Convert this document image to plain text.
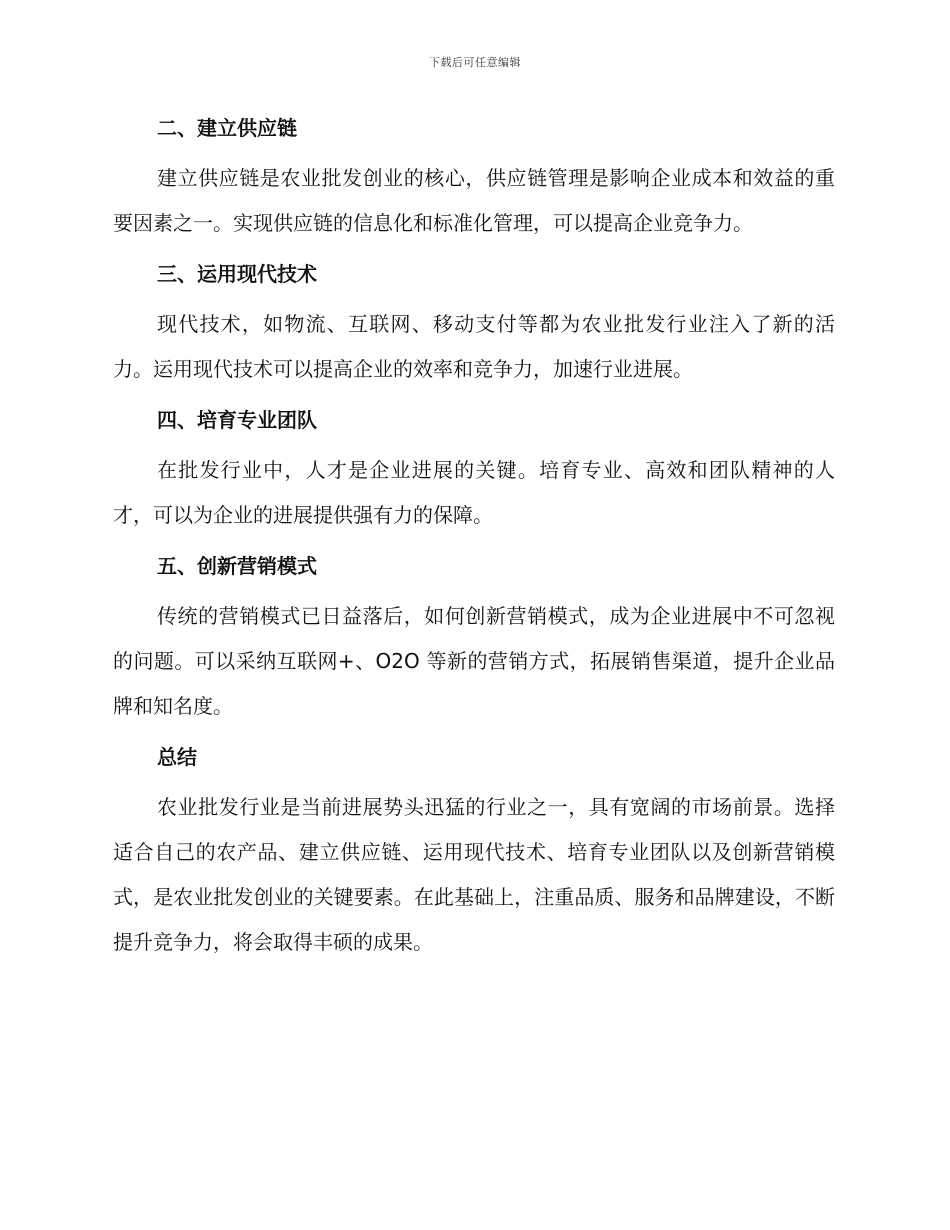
下载后可任意编辑
二、建立供应链

建立供应链是农业批发创业的核心，供应链管理是影响企业成本和效益的重要因素之一。实现供应链的信息化和标准化管理，可以提高企业竞争力。

三、运用现代技术

现代技术，如物流、互联网、移动支付等都为农业批发行业注入了新的活力。运用现代技术可以提高企业的效率和竞争力，加速行业进展。

四、培育专业团队

在批发行业中，人才是企业进展的关键。培育专业、高效和团队精神的人才，可以为企业的进展提供强有力的保障。

五、创新营销模式

传统的营销模式已日益落后，如何创新营销模式，成为企业进展中不可忽视的问题。可以采纳互联网+、O2O 等新的营销方式，拓展销售渠道，提升企业品牌和知名度。

总结

农业批发行业是当前进展势头迅猛的行业之一，具有宽阔的市场前景。选择适合自己的农产品、建立供应链、运用现代技术、培育专业团队以及创新营销模式，是农业批发创业的关键要素。在此基础上，注重品质、服务和品牌建设，不断提升竞争力，将会取得丰硕的成果。
